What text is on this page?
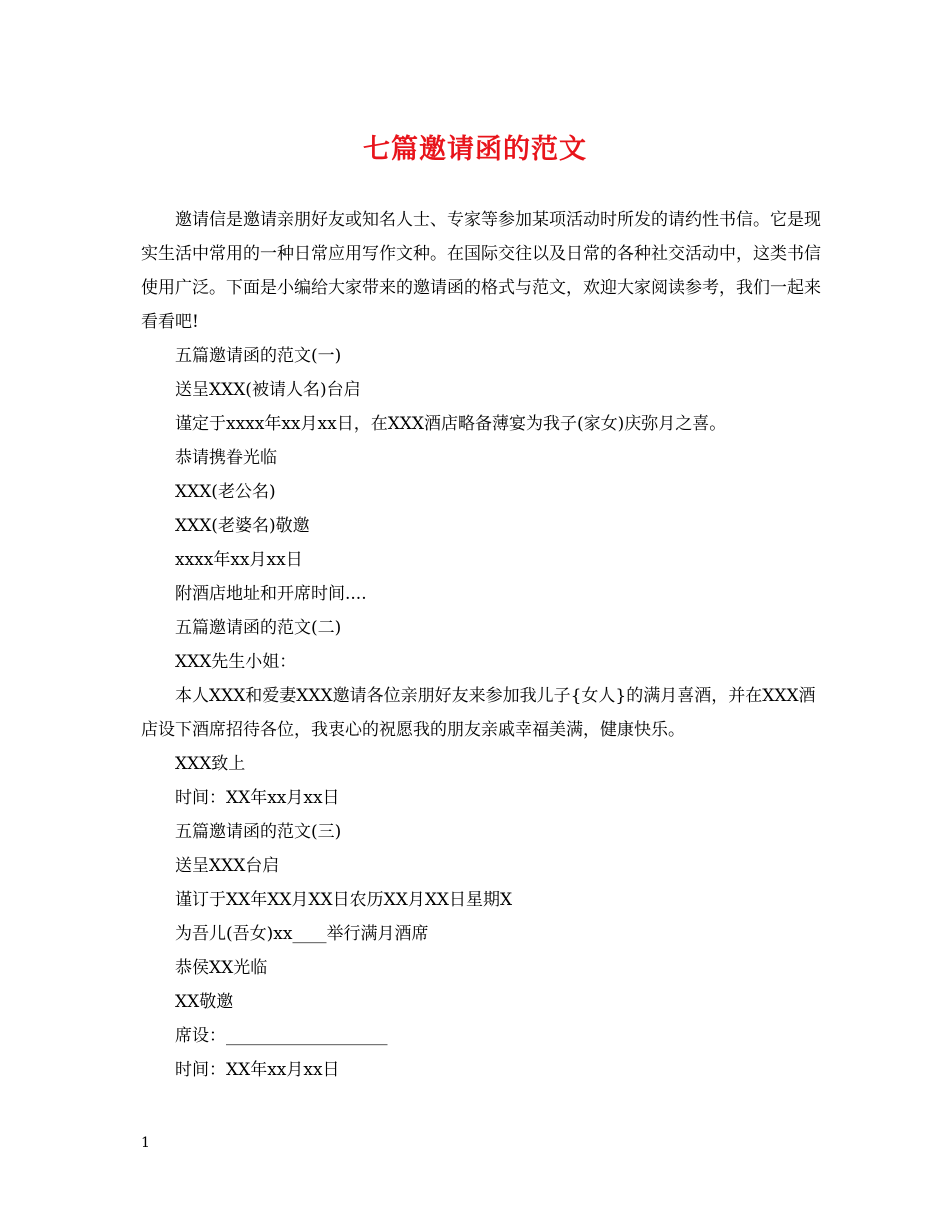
七篇邀请函的范文

邀请信是邀请亲朋好友或知名人士、专家等参加某项活动时所发的请约性书信。它是现实生活中常用的一种日常应用写作文种。在国际交往以及日常的各种社交活动中，这类书信使用广泛。下面是小编给大家带来的邀请函的格式与范文，欢迎大家阅读参考，我们一起来看看吧!

五篇邀请函的范文(一)

送呈XXX(被请人名)台启

谨定于xxxx年xx月xx日，在XXX酒店略备薄宴为我子(家女)庆弥月之喜。

恭请携眷光临

XXX(老公名)

XXX(老婆名)敬邀

xxxx年xx月xx日

附酒店地址和开席时间....

五篇邀请函的范文(二)

XXX先生小姐：

本人XXX和爱妻XXX邀请各位亲朋好友来参加我儿子{女人}的满月喜酒，并在XXX酒店设下酒席招待各位，我衷心的祝愿我的朋友亲戚幸福美满，健康快乐。

XXX致上

时间：XX年xx月xx日

五篇邀请函的范文(三)

送呈XXX台启

谨订于XX年XX月XX日农历XX月XX日星期X

为吾儿(吾女)xx____举行满月酒席

恭侯XX光临

XX敬邀

席设：___________________

时间：XX年xx月xx日

1
